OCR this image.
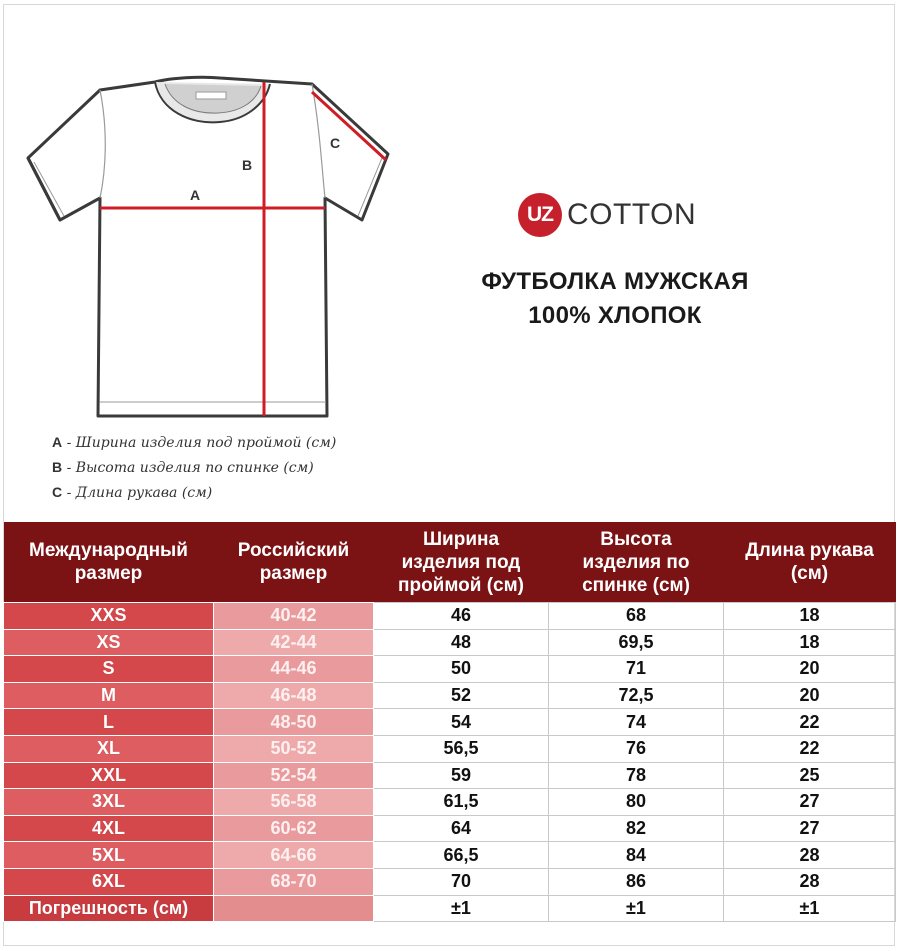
A
B
C
A - Ширина изделия под проймой (см)
B - Высота изделия по спинке (см)
C - Длина рукава (см)
UZ COTTON
ФУТБОЛКА МУЖСКАЯ
100% ХЛОПОК
Международный
размер	Российский
размер	Ширина
изделия под
проймой (см)	Высота
изделия по
спинке (см)	Длина рукава
(см)
XXS	40-42	46	68	18
XS	42-44	48	69,5	18
S	44-46	50	71	20
M	46-48	52	72,5	20
L	48-50	54	74	22
XL	50-52	56,5	76	22
XXL	52-54	59	78	25
3XL	56-58	61,5	80	27
4XL	60-62	64	82	27
5XL	64-66	66,5	84	28
6XL	68-70	70	86	28
Погрешность (см)		±1	±1	±1
